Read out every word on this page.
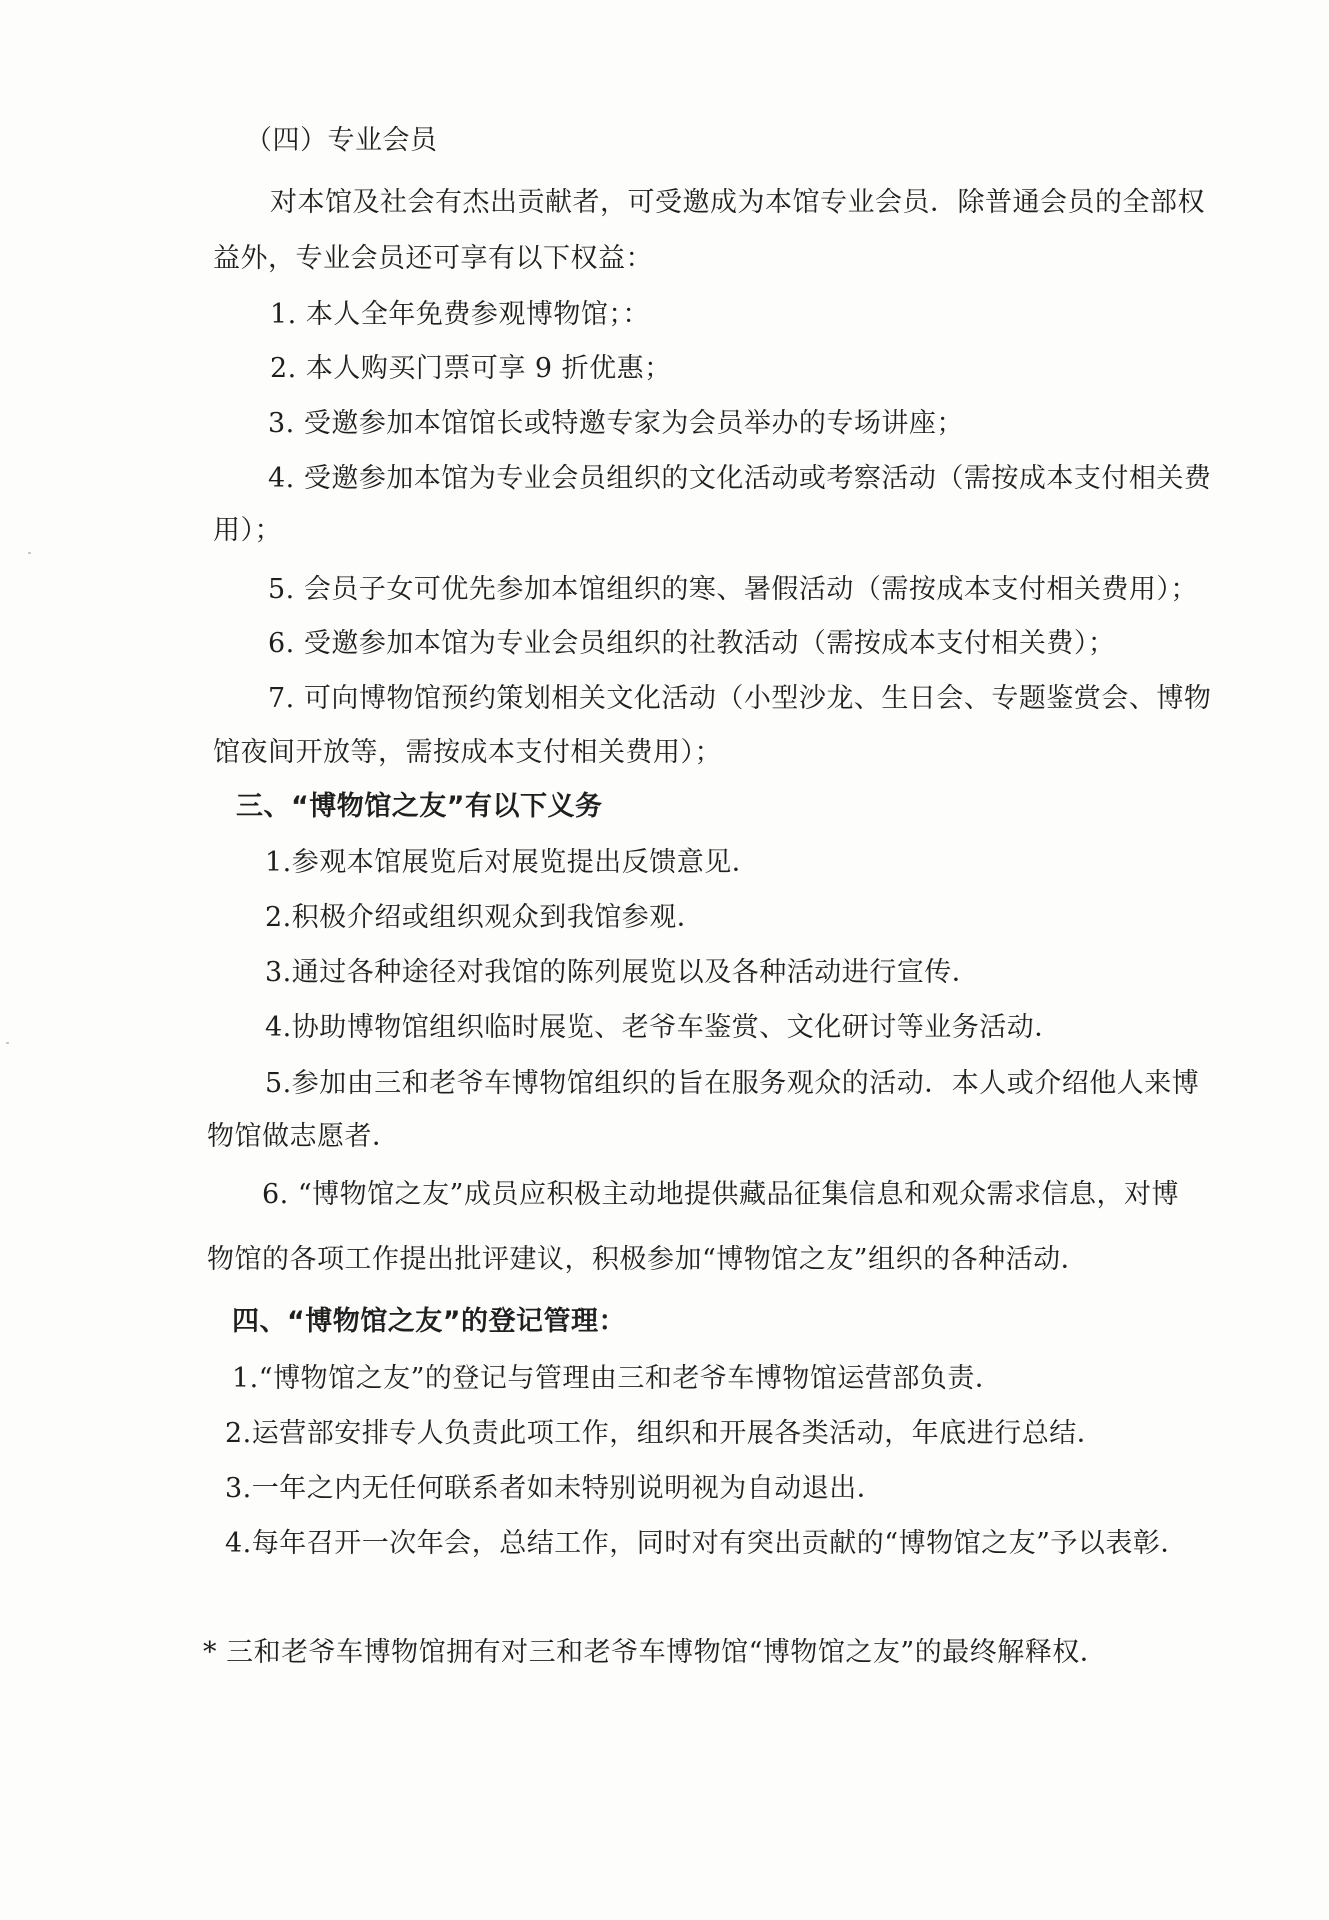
（四）专业会员
对本馆及社会有杰出贡献者，可受邀成为本馆专业会员．除普通会员的全部权
益外，专业会员还可享有以下权益：
1. 本人全年免费参观博物馆；：
2. 本人购买门票可享 9 折优惠；
3. 受邀参加本馆馆长或特邀专家为会员举办的专场讲座；
4. 受邀参加本馆为专业会员组织的文化活动或考察活动（需按成本支付相关费
用）；
5. 会员子女可优先参加本馆组织的寒、暑假活动（需按成本支付相关费用）；
6. 受邀参加本馆为专业会员组织的社教活动（需按成本支付相关费）；
7. 可向博物馆预约策划相关文化活动（小型沙龙、生日会、专题鉴赏会、博物
馆夜间开放等，需按成本支付相关费用）；
三、“博物馆之友”有以下义务
1.参观本馆展览后对展览提出反馈意见．
2.积极介绍或组织观众到我馆参观．
3.通过各种途径对我馆的陈列展览以及各种活动进行宣传．
4.协助博物馆组织临时展览、老爷车鉴赏、文化研讨等业务活动．
5.参加由三和老爷车博物馆组织的旨在服务观众的活动．本人或介绍他人来博
物馆做志愿者．
6. “博物馆之友”成员应积极主动地提供藏品征集信息和观众需求信息，对博
物馆的各项工作提出批评建议，积极参加“博物馆之友”组织的各种活动．
四、“博物馆之友”的登记管理：
1.“博物馆之友”的登记与管理由三和老爷车博物馆运营部负责．
2.运营部安排专人负责此项工作，组织和开展各类活动，年底进行总结．
3.一年之内无任何联系者如未特别说明视为自动退出．
4.每年召开一次年会，总结工作，同时对有突出贡献的“博物馆之友”予以表彰．
* 三和老爷车博物馆拥有对三和老爷车博物馆“博物馆之友”的最终解释权．
